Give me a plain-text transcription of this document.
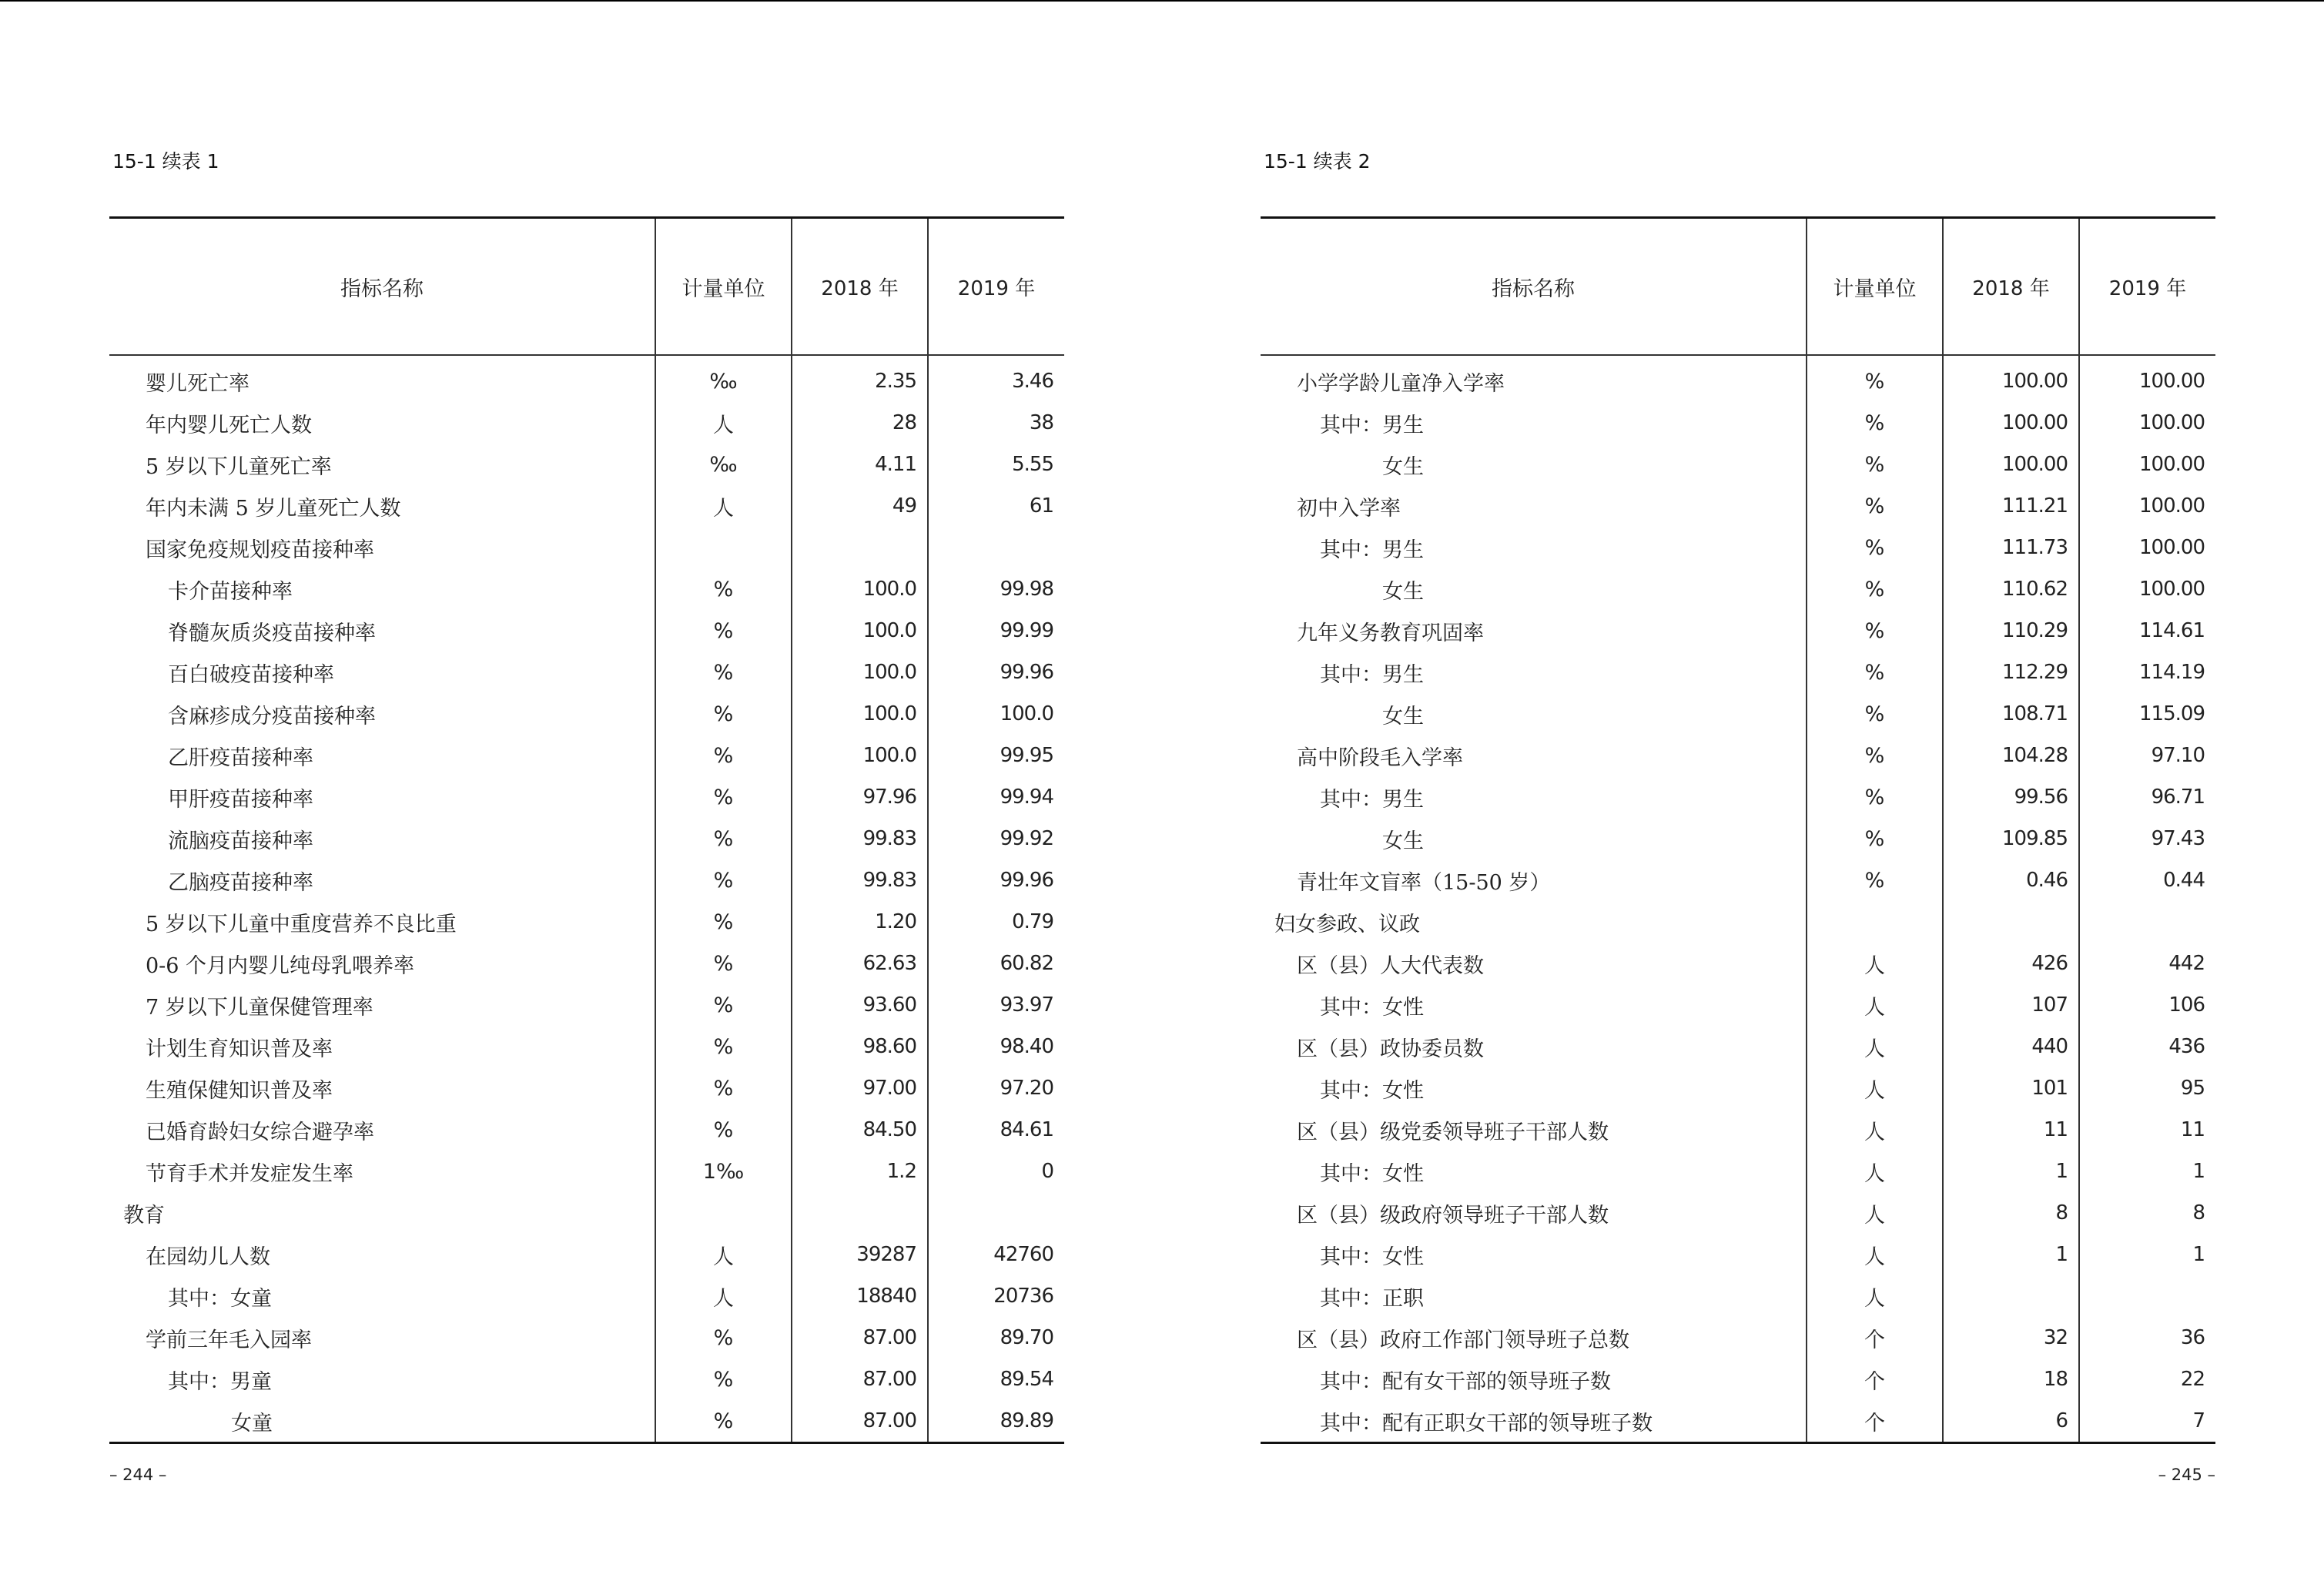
15-1 续表 1
指标名称	计量单位	2018 年	2019 年
婴儿死亡率	‰	2.35	3.46
年内婴儿死亡人数	人	28	38
5 岁以下儿童死亡率	‰	4.11	5.55
年内未满 5 岁儿童死亡人数	人	49	61
国家免疫规划疫苗接种率			
卡介苗接种率	%	100.0	99.98
脊髓灰质炎疫苗接种率	%	100.0	99.99
百白破疫苗接种率	%	100.0	99.96
含麻疹成分疫苗接种率	%	100.0	100.0
乙肝疫苗接种率	%	100.0	99.95
甲肝疫苗接种率	%	97.96	99.94
流脑疫苗接种率	%	99.83	99.92
乙脑疫苗接种率	%	99.83	99.96
5 岁以下儿童中重度营养不良比重	%	1.20	0.79
0-6 个月内婴儿纯母乳喂养率	%	62.63	60.82
7 岁以下儿童保健管理率	%	93.60	93.97
计划生育知识普及率	%	98.60	98.40
生殖保健知识普及率	%	97.00	97.20
已婚育龄妇女综合避孕率	%	84.50	84.61
节育手术并发症发生率	1‰	1.2	0
教育			
在园幼儿人数	人	39287	42760
其中：女童	人	18840	20736
学前三年毛入园率	%	87.00	89.70
其中：男童	%	87.00	89.54
女童	%	87.00	89.89
– 244 –
15-1 续表 2
指标名称	计量单位	2018 年	2019 年
小学学龄儿童净入学率	%	100.00	100.00
其中：男生	%	100.00	100.00
女生	%	100.00	100.00
初中入学率	%	111.21	100.00
其中：男生	%	111.73	100.00
女生	%	110.62	100.00
九年义务教育巩固率	%	110.29	114.61
其中：男生	%	112.29	114.19
女生	%	108.71	115.09
高中阶段毛入学率	%	104.28	97.10
其中：男生	%	99.56	96.71
女生	%	109.85	97.43
青壮年文盲率（15-50 岁）	%	0.46	0.44
妇女参政、议政			
区（县）人大代表数	人	426	442
其中：女性	人	107	106
区（县）政协委员数	人	440	436
其中：女性	人	101	95
区（县）级党委领导班子干部人数	人	11	11
其中：女性	人	1	1
区（县）级政府领导班子干部人数	人	8	8
其中：女性	人	1	1
其中：正职	人		
区（县）政府工作部门领导班子总数	个	32	36
其中：配有女干部的领导班子数	个	18	22
其中：配有正职女干部的领导班子数	个	6	7
– 245 –
